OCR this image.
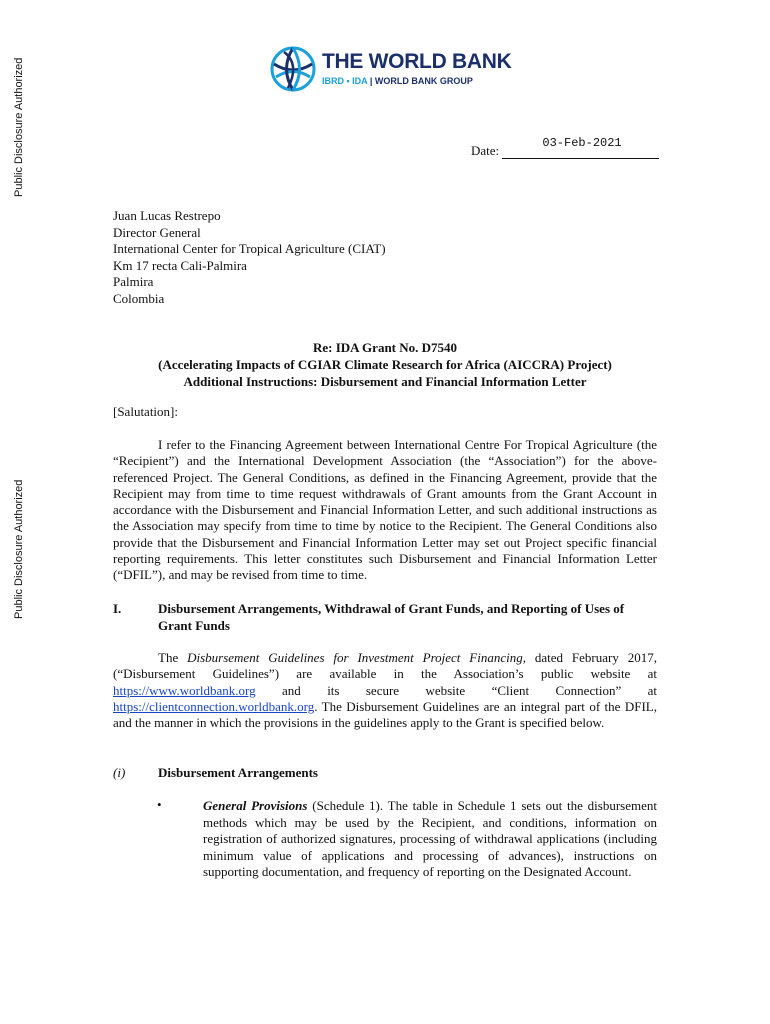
Public Disclosure Authorized
Public Disclosure Authorized
THE WORLD BANK
IBRD • IDA | WORLD BANK GROUP
Date:	03-Feb-2021
Juan Lucas Restrepo
Director General
International Center for Tropical Agriculture (CIAT)
Km 17 recta Cali-Palmira
Palmira
Colombia
Re: IDA Grant No. D7540
(Accelerating Impacts of CGIAR Climate Research for Africa (AICCRA) Project)
Additional Instructions: Disbursement and Financial Information Letter
[Salutation]:
I refer to the Financing Agreement between International Centre For Tropical Agriculture (the “Recipient”) and the International Development Association (the “Association”) for the above-referenced Project. The General Conditions, as defined in the Financing Agreement, provide that the Recipient may from time to time request withdrawals of Grant amounts from the Grant Account in accordance with the Disbursement and Financial Information Letter, and such additional instructions as the Association may specify from time to time by notice to the Recipient. The General Conditions also provide that the Disbursement and Financial Information Letter may set out Project specific financial reporting requirements. This letter constitutes such Disbursement and Financial Information Letter (“DFIL”), and may be revised from time to time.
I.	Disbursement Arrangements, Withdrawal of Grant Funds, and Reporting of Uses of Grant Funds
The Disbursement Guidelines for Investment Project Financing, dated February 2017, (“Disbursement Guidelines”) are available in the Association’s public website at https://www.worldbank.org and its secure website “Client Connection” at https://clientconnection.worldbank.org. The Disbursement Guidelines are an integral part of the DFIL, and the manner in which the provisions in the guidelines apply to the Grant is specified below.
(i)	Disbursement Arrangements
•	General Provisions (Schedule 1). The table in Schedule 1 sets out the disbursement methods which may be used by the Recipient, and conditions, information on registration of authorized signatures, processing of withdrawal applications (including minimum value of applications and processing of advances), instructions on supporting documentation, and frequency of reporting on the Designated Account.
